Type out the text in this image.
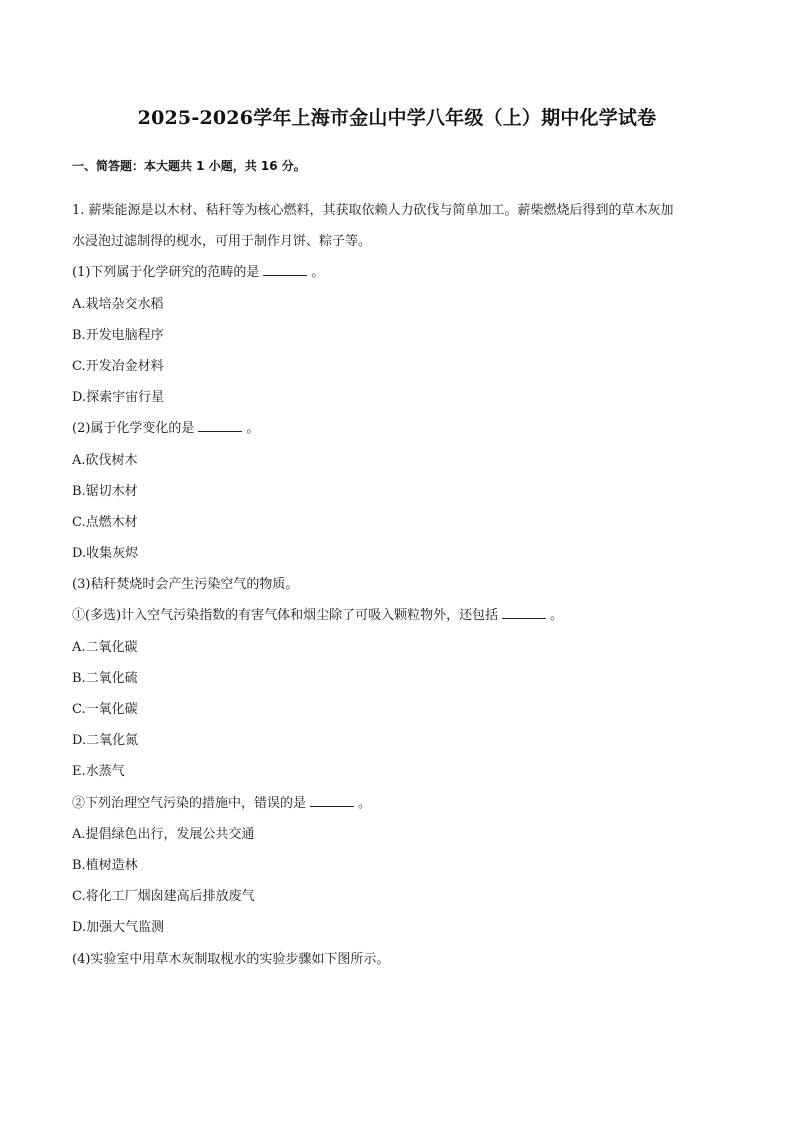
2025-2026学年上海市金山中学八年级（上）期中化学试卷

一、简答题：本大题共 1 小题，共 16 分。

1. 薪柴能源是以木材、秸秆等为核心燃料，其获取依赖人力砍伐与简单加工。薪柴燃烧后得到的草木灰加
水浸泡过滤制得的枧水，可用于制作月饼、粽子等。
(1)下列属于化学研究的范畴的是	。
A.栽培杂交水稻
B.开发电脑程序
C.开发冶金材料
D.探索宇宙行星
(2)属于化学变化的是	。
A.砍伐树木
B.锯切木材
C.点燃木材
D.收集灰烬
(3)秸秆焚烧时会产生污染空气的物质。
①(多选)计入空气污染指数的有害气体和烟尘除了可吸入颗粒物外，还包括	。
A.二氧化碳
B.二氧化硫
C.一氧化碳
D.二氧化氮
E.水蒸气
②下列治理空气污染的措施中，错误的是	。
A.提倡绿色出行，发展公共交通
B.植树造林
C.将化工厂烟囱建高后排放废气
D.加强大气监测
(4)实验室中用草木灰制取枧水的实验步骤如下图所示。
